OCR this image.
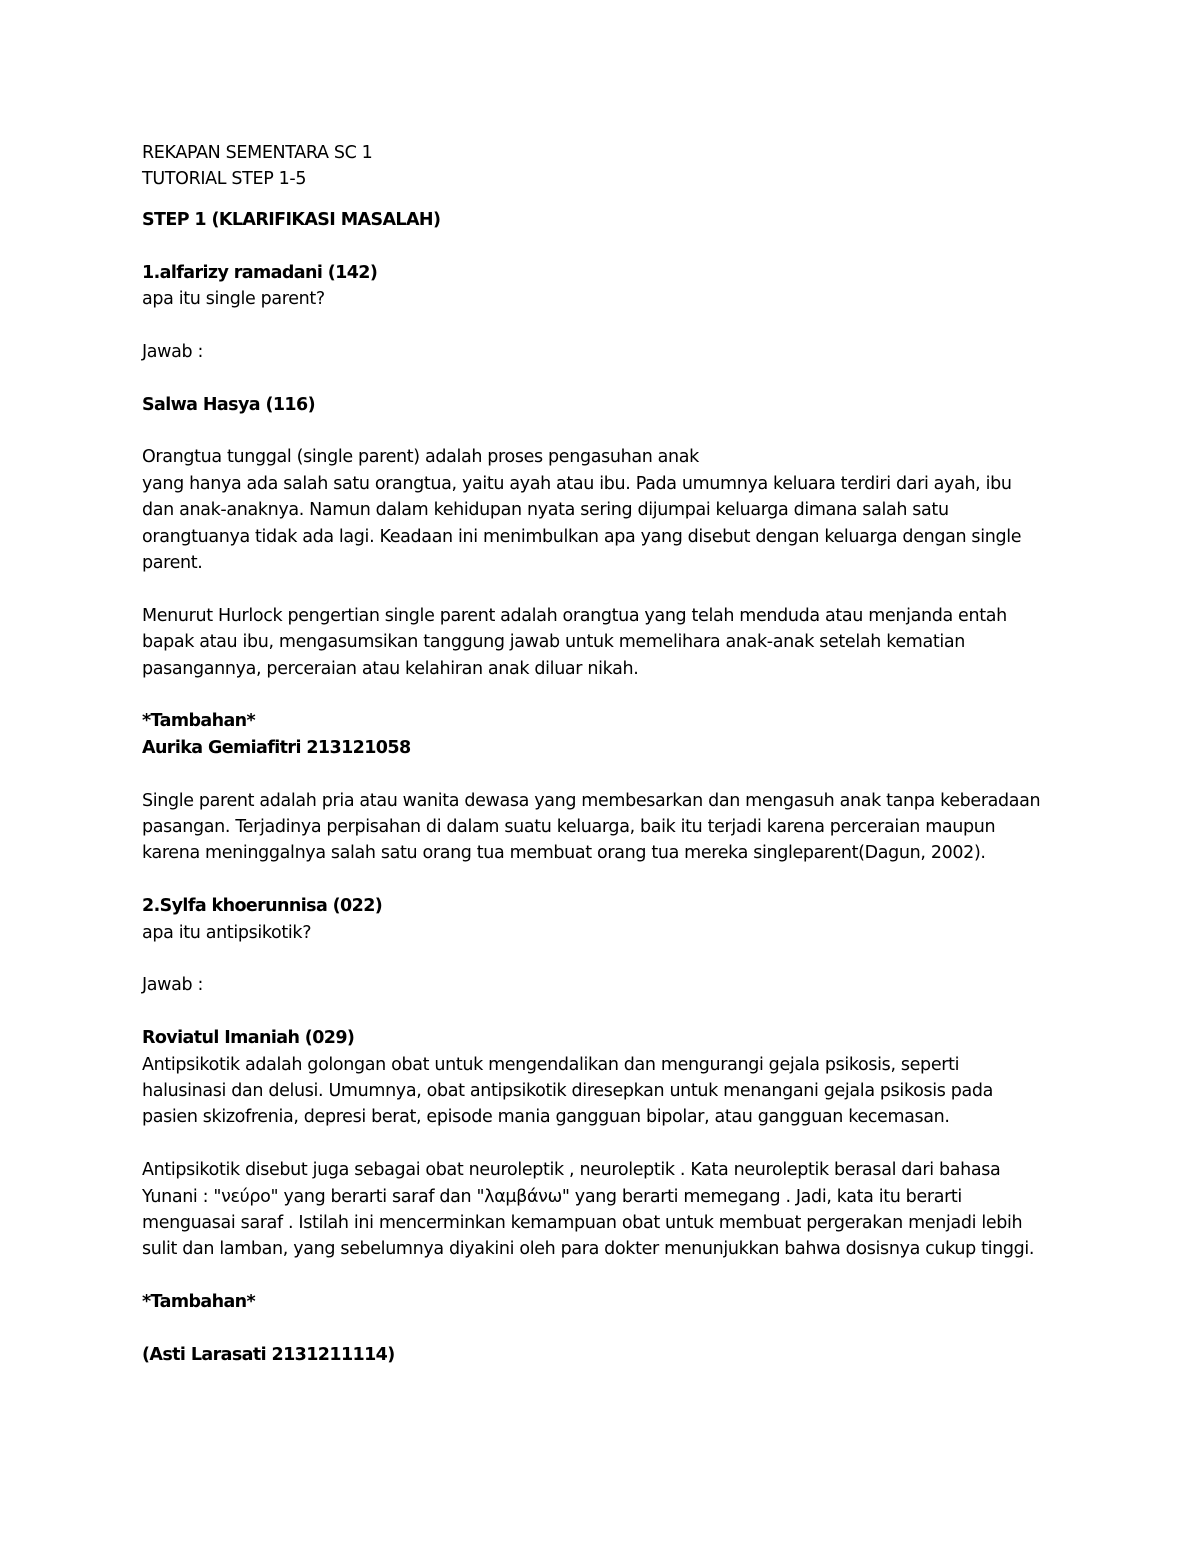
REKAPAN SEMENTARA SC 1
TUTORIAL STEP 1-5
STEP 1 (KLARIFIKASI MASALAH)
1.alfarizy ramadani (142)
apa itu single parent?
Jawab :
Salwa Hasya (116)
Orangtua tunggal (single parent) adalah proses pengasuhan anak
yang hanya ada salah satu orangtua, yaitu ayah atau ibu. Pada umumnya keluara terdiri dari ayah, ibu
dan anak-anaknya. Namun dalam kehidupan nyata sering dijumpai keluarga dimana salah satu
orangtuanya tidak ada lagi. Keadaan ini menimbulkan apa yang disebut dengan keluarga dengan single
parent.
Menurut Hurlock pengertian single parent adalah orangtua yang telah menduda atau menjanda entah
bapak atau ibu, mengasumsikan tanggung jawab untuk memelihara anak-anak setelah kematian
pasangannya, perceraian atau kelahiran anak diluar nikah.
*Tambahan*
Aurika Gemiafitri 213121058
Single parent adalah pria atau wanita dewasa yang membesarkan dan mengasuh anak tanpa keberadaan
pasangan. Terjadinya perpisahan di dalam suatu keluarga, baik itu terjadi karena perceraian maupun
karena meninggalnya salah satu orang tua membuat orang tua mereka singleparent(Dagun, 2002).
2.Sylfa khoerunnisa (022)
apa itu antipsikotik?
Jawab :
Roviatul Imaniah (029)
Antipsikotik adalah golongan obat untuk mengendalikan dan mengurangi gejala psikosis, seperti
halusinasi dan delusi. Umumnya, obat antipsikotik diresepkan untuk menangani gejala psikosis pada
pasien skizofrenia, depresi berat, episode mania gangguan bipolar, atau gangguan kecemasan.
Antipsikotik disebut juga sebagai obat neuroleptik , neuroleptik . Kata neuroleptik berasal dari bahasa
Yunani : "νεύρο" yang berarti saraf dan "λαμβάνω" yang berarti memegang . Jadi, kata itu berarti
menguasai saraf . Istilah ini mencerminkan kemampuan obat untuk membuat pergerakan menjadi lebih
sulit dan lamban, yang sebelumnya diyakini oleh para dokter menunjukkan bahwa dosisnya cukup tinggi.
*Tambahan*
(Asti Larasati 2131211114)
